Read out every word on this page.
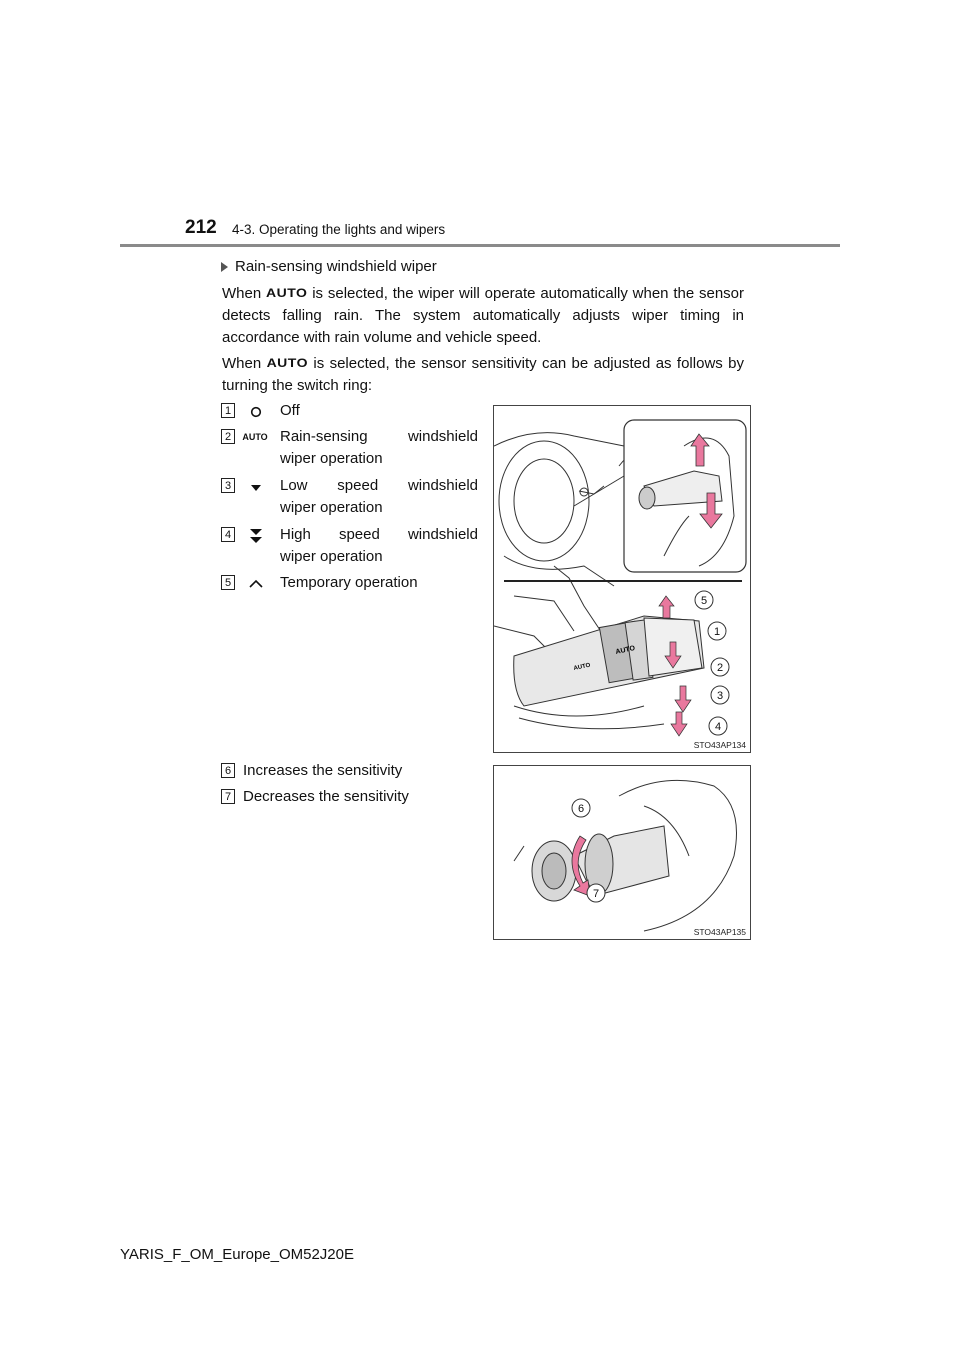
212 4-3. Operating the lights and wipers
Rain-sensing windshield wiper
When AUTO is selected, the wiper will operate automatically when the sensor detects falling rain. The system automatically adjusts wiper timing in accordance with rain volume and vehicle speed.
When AUTO is selected, the sensor sensitivity can be adjusted as follows by turning the switch ring:
1	Off
2	AUTO Rain-sensing windshield
wiper operation
3	Low speed windshield
wiper operation
4	High speed windshield
wiper operation
5	Temporary operation
6 Increases the sensitivity
7 Decreases the sensitivity
AUTO
AUTO
5
1
2
3
4
STO43AP134
6
7
STO43AP135
YARIS_F_OM_Europe_OM52J20E
